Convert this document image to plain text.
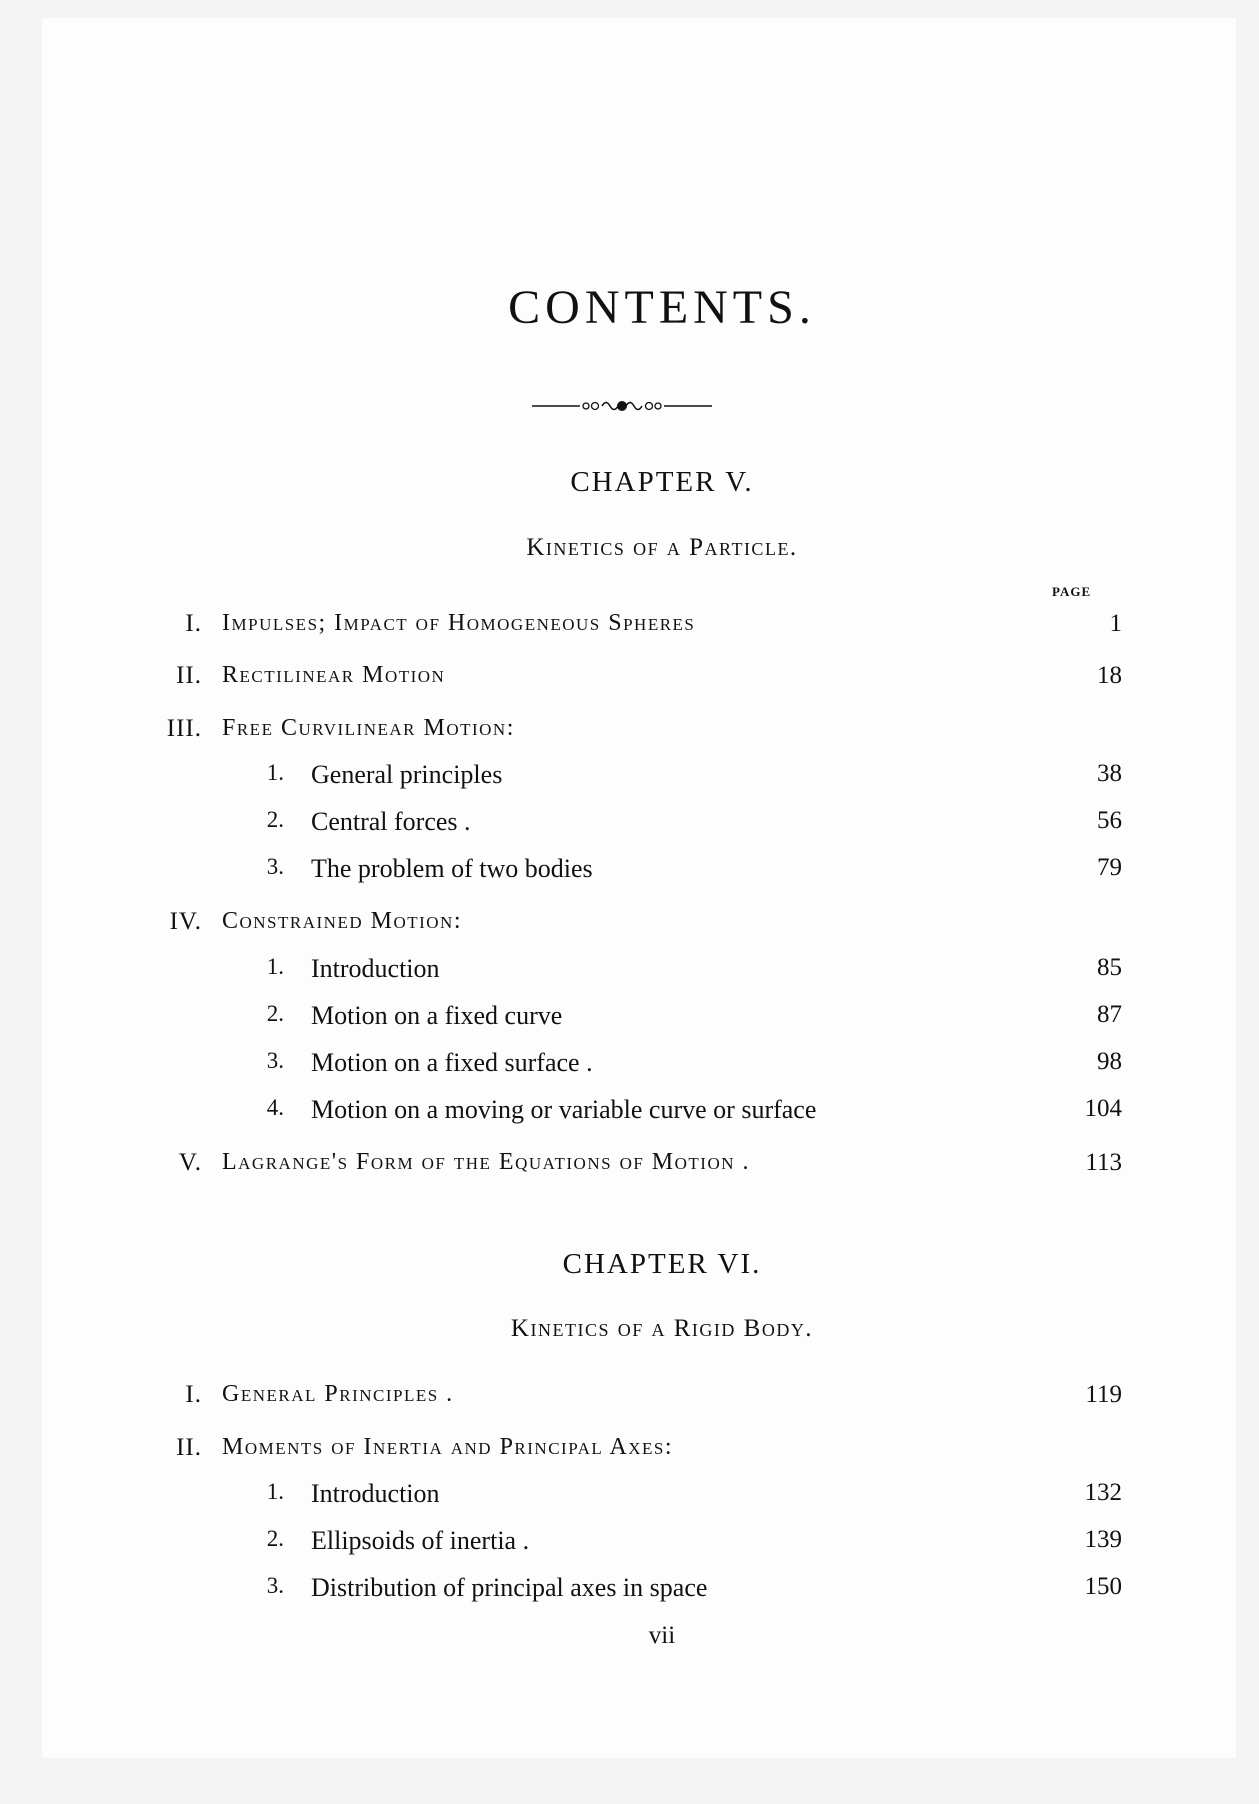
CONTENTS.
CHAPTER V.
Kinetics of a Particle.
PAGE
I. Impulses; Impact of Homogeneous Spheres	1
II. Rectilinear Motion	18
III. Free Curvilinear Motion:
1. General principles	38
2. Central forces .	56
3. The problem of two bodies	79
IV. Constrained Motion:
1. Introduction	85
2. Motion on a fixed curve	87
3. Motion on a fixed surface .	98
4. Motion on a moving or variable curve or surface	104
V. Lagrange's Form of the Equations of Motion .	113
CHAPTER VI.
Kinetics of a Rigid Body.
I. General Principles .	119
II. Moments of Inertia and Principal Axes:
1. Introduction	132
2. Ellipsoids of inertia .	139
3. Distribution of principal axes in space	150
vii
